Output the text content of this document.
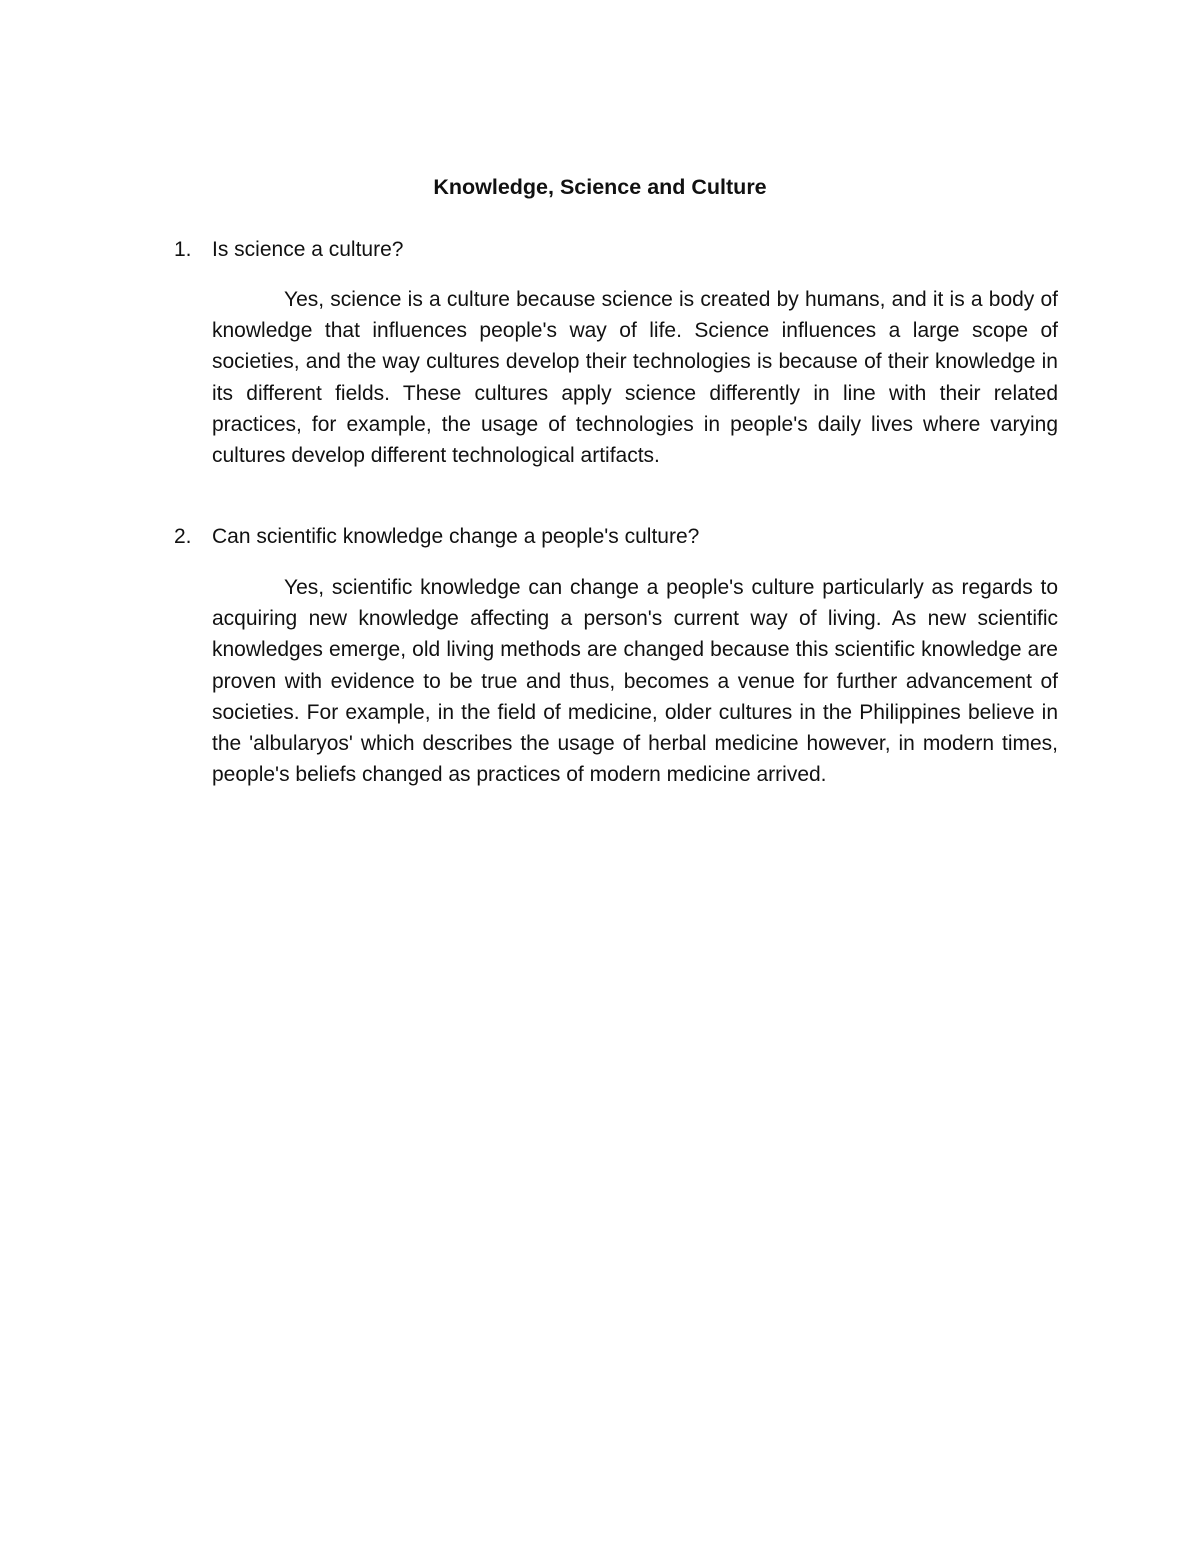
Knowledge, Science and Culture

1. Is science a culture?

Yes, science is a culture because science is created by humans, and it is a body of knowledge that influences people's way of life. Science influences a large scope of societies, and the way cultures develop their technologies is because of their knowledge in its different fields. These cultures apply science differently in line with their related practices, for example, the usage of technologies in people's daily lives where varying cultures develop different technological artifacts.

2. Can scientific knowledge change a people's culture?

Yes, scientific knowledge can change a people's culture particularly as regards to acquiring new knowledge affecting a person's current way of living. As new scientific knowledges emerge, old living methods are changed because this scientific knowledge are proven with evidence to be true and thus, becomes a venue for further advancement of societies. For example, in the field of medicine, older cultures in the Philippines believe in the 'albularyos' which describes the usage of herbal medicine however, in modern times, people's beliefs changed as practices of modern medicine arrived.
